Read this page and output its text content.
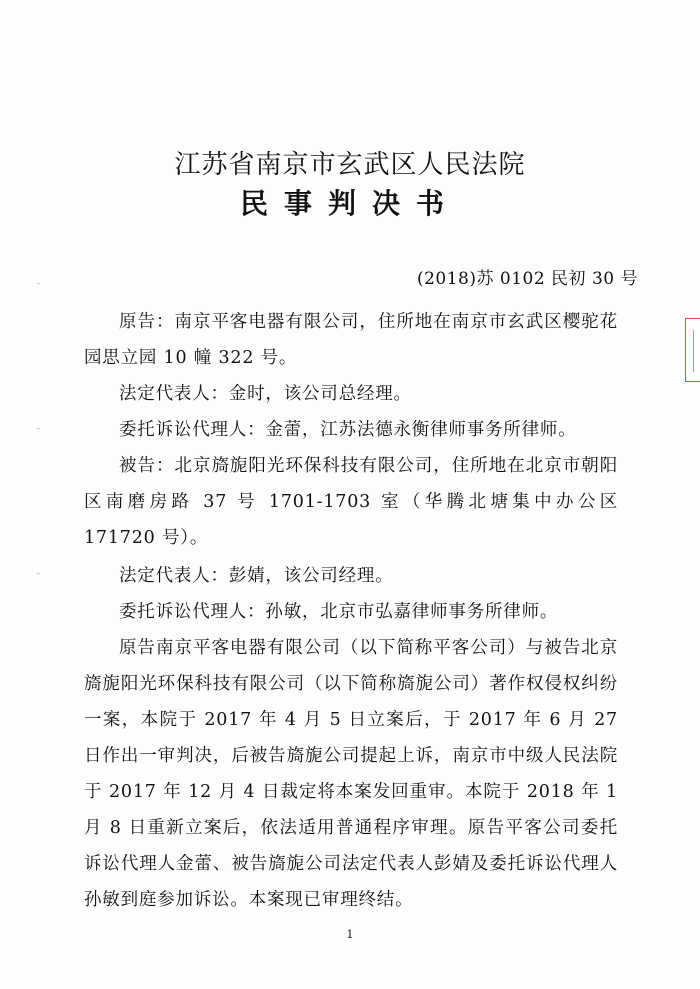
⁃
⁃
⁃
江苏省南京市玄武区人民法院
民事判决书
(2018)苏 0102 民初 30 号
原告：南京平客电器有限公司，住所地在南京市玄武区樱驼花园思立园 10 幢 322 号。
法定代表人：金时，该公司总经理。
委托诉讼代理人：金蕾，江苏法德永衡律师事务所律师。
被告：北京旖旎阳光环保科技有限公司，住所地在北京市朝阳区南磨房路 37 号 1701-1703 室（华腾北塘集中办公区 171720 号）。
法定代表人：彭婧，该公司经理。
委托诉讼代理人：孙敏，北京市弘嘉律师事务所律师。
原告南京平客电器有限公司（以下简称平客公司）与被告北京旖旎阳光环保科技有限公司（以下简称旖旎公司）著作权侵权纠纷一案，本院于 2017 年 4 月 5 日立案后，于 2017 年 6 月 27 日作出一审判决，后被告旖旎公司提起上诉，南京市中级人民法院于 2017 年 12 月 4 日裁定将本案发回重审。本院于 2018 年 1 月 8 日重新立案后，依法适用普通程序审理。原告平客公司委托诉讼代理人金蕾、被告旖旎公司法定代表人彭婧及委托诉讼代理人孙敏到庭参加诉讼。本案现已审理终结。
1
